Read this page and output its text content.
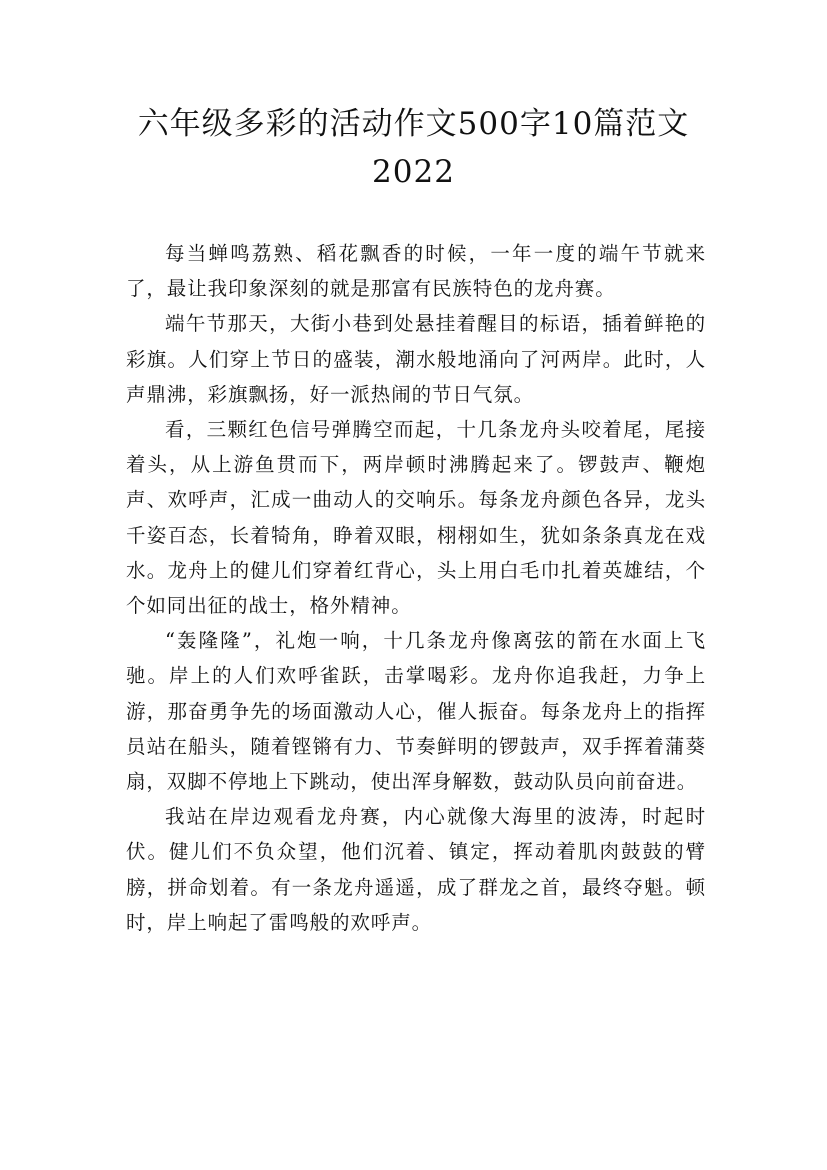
六年级多彩的活动作文500字10篇范文
2022

每当蝉鸣荔熟、稻花飘香的时候，一年一度的端午节就来了，最让我印象深刻的就是那富有民族特色的龙舟赛。

端午节那天，大街小巷到处悬挂着醒目的标语，插着鲜艳的彩旗。人们穿上节日的盛装，潮水般地涌向了河两岸。此时，人声鼎沸，彩旗飘扬，好一派热闹的节日气氛。

看，三颗红色信号弹腾空而起，十几条龙舟头咬着尾，尾接着头，从上游鱼贯而下，两岸顿时沸腾起来了。锣鼓声、鞭炮声、欢呼声，汇成一曲动人的交响乐。每条龙舟颜色各异，龙头千姿百态，长着犄角，睁着双眼，栩栩如生，犹如条条真龙在戏水。龙舟上的健儿们穿着红背心，头上用白毛巾扎着英雄结，个个如同出征的战士，格外精神。

“轰隆隆”，礼炮一响，十几条龙舟像离弦的箭在水面上飞驰。岸上的人们欢呼雀跃，击掌喝彩。龙舟你追我赶，力争上游，那奋勇争先的场面激动人心，催人振奋。每条龙舟上的指挥员站在船头，随着铿锵有力、节奏鲜明的锣鼓声，双手挥着蒲葵扇，双脚不停地上下跳动，使出浑身解数，鼓动队员向前奋进。

我站在岸边观看龙舟赛，内心就像大海里的波涛，时起时伏。健儿们不负众望，他们沉着、镇定，挥动着肌肉鼓鼓的臂膀，拼命划着。有一条龙舟遥遥，成了群龙之首，最终夺魁。顿时，岸上响起了雷鸣般的欢呼声。
